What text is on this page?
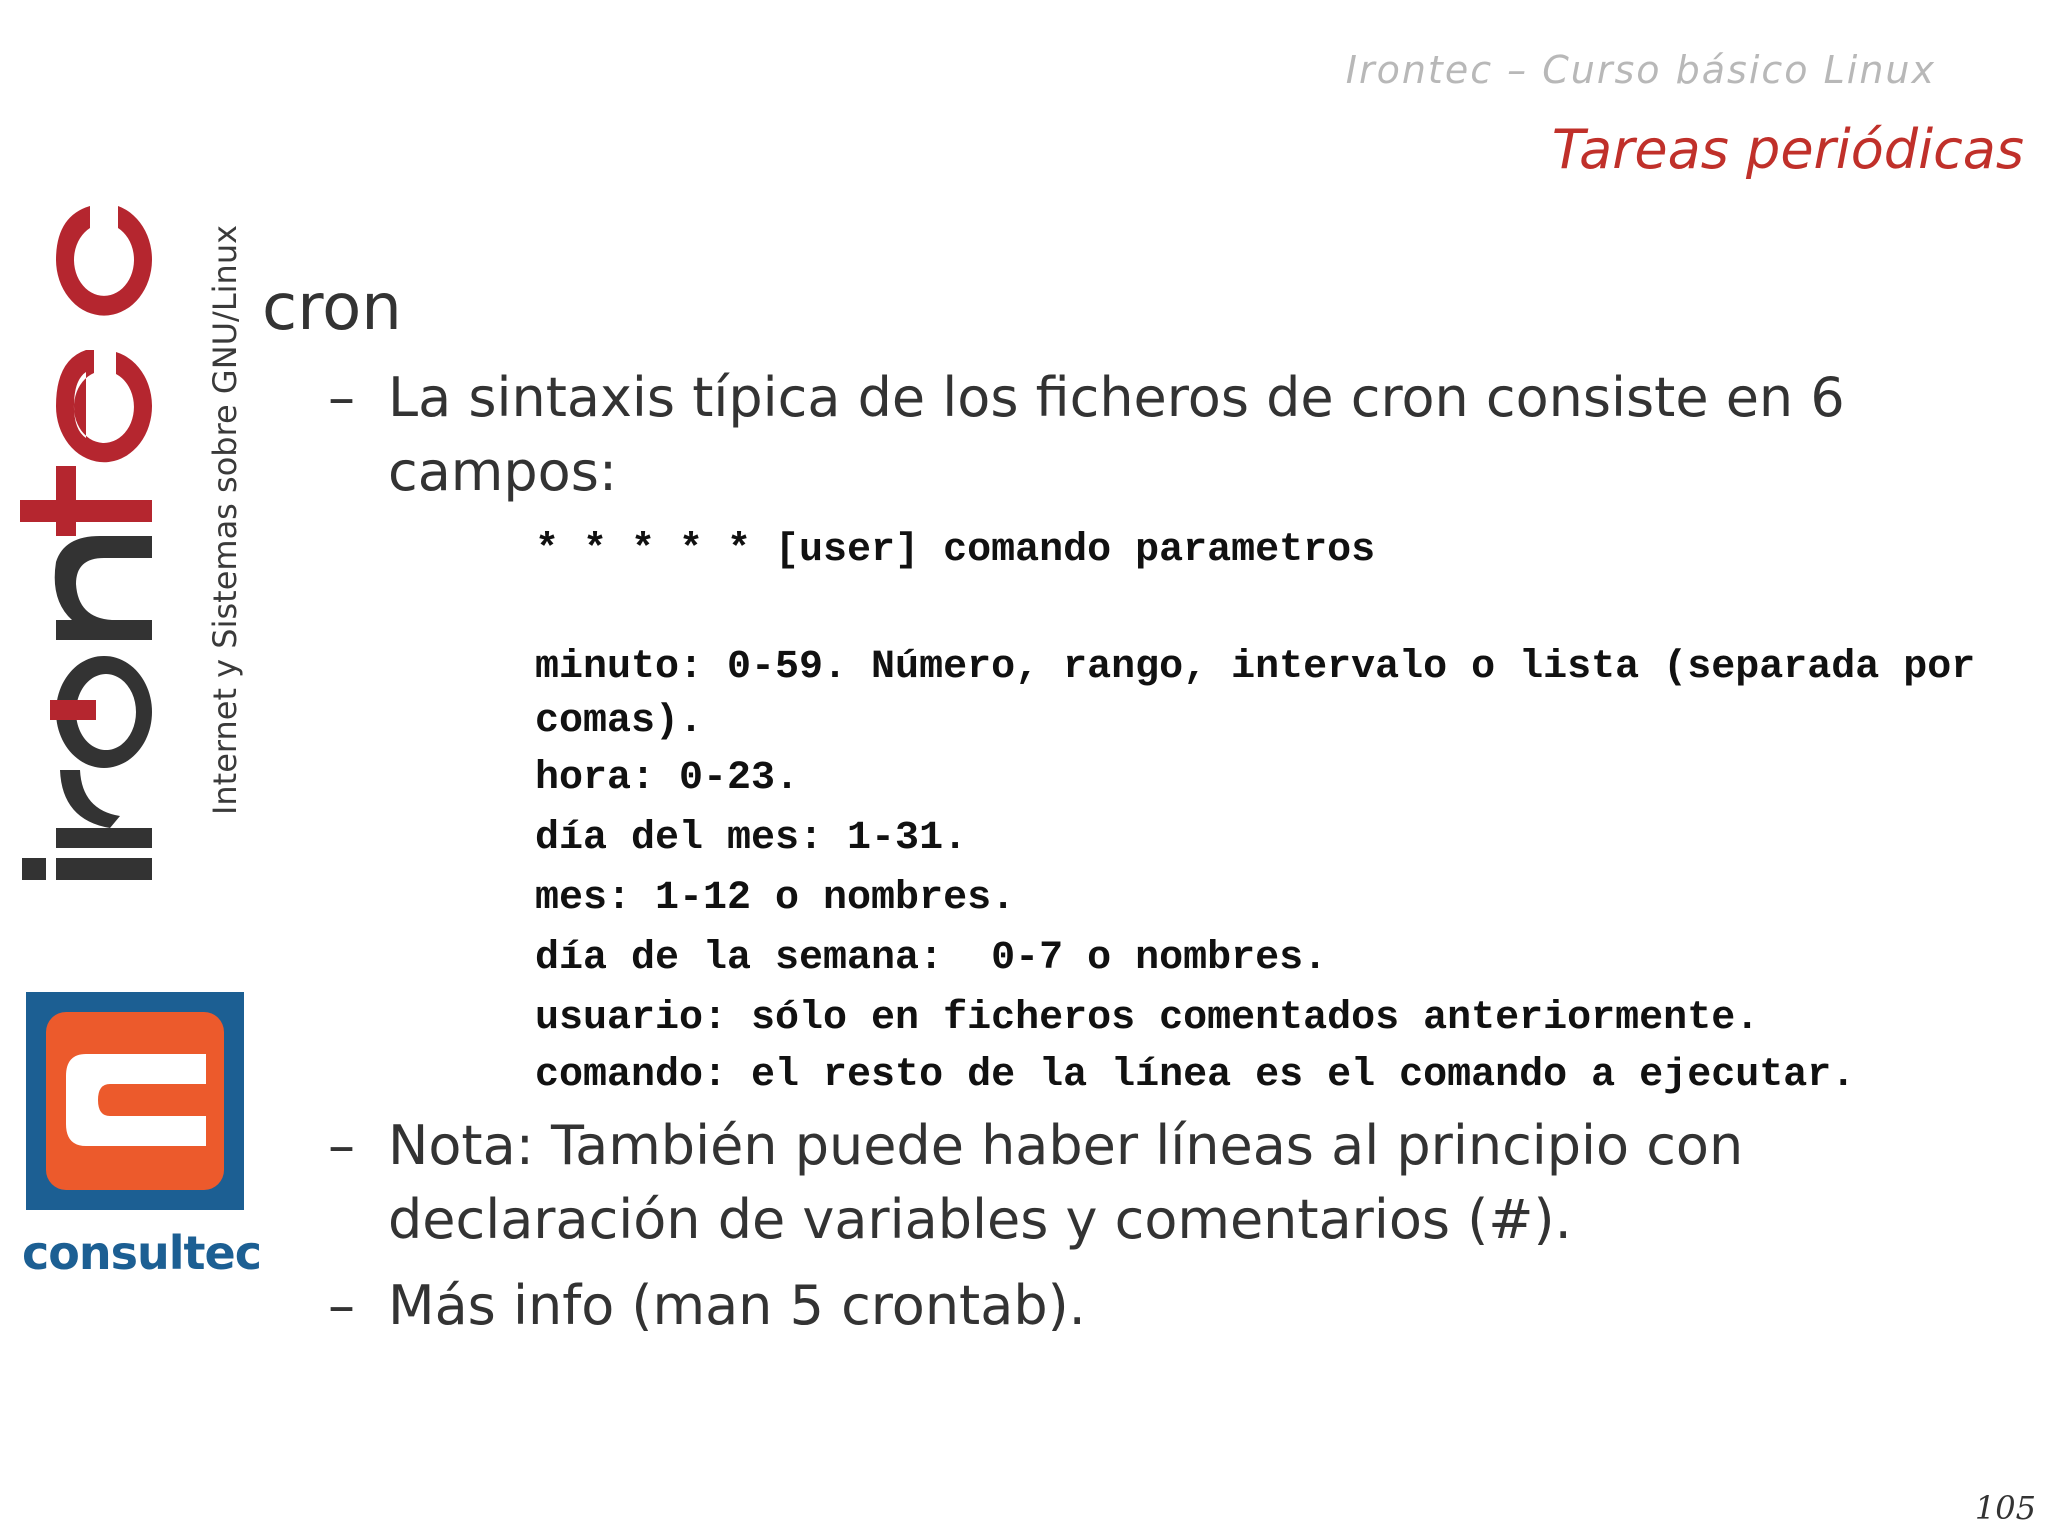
Irontec – Curso básico Linux
Tareas periódicas
Internet y Sistemas sobre GNU/Linux
consultec
cron
– La sintaxis típica de los ficheros de cron consiste en 6 campos:
* * * * * [user] comando parametros
minuto: 0-59. Número, rango, intervalo o lista (separada por comas).
hora: 0-23.
día del mes: 1-31.
mes: 1-12 o nombres.
día de la semana:  0-7 o nombres.
usuario: sólo en ficheros comentados anteriormente.
comando: el resto de la línea es el comando a ejecutar.
– Nota: También puede haber líneas al principio con declaración de variables y comentarios (#).
– Más info (man 5 crontab).
105
